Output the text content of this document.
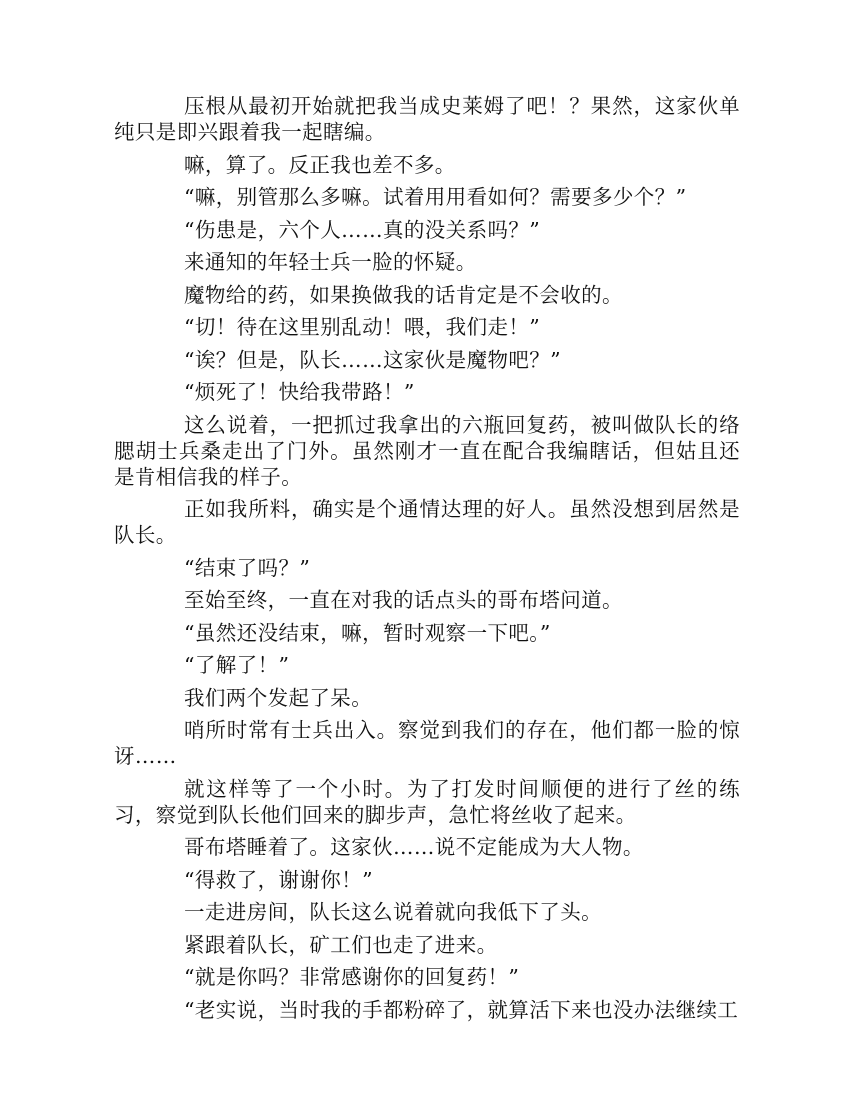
压根从最初开始就把我当成史莱姆了吧！？果然，这家伙单纯只是即兴跟着我一起瞎编。

嘛，算了。反正我也差不多。

“嘛，别管那么多嘛。试着用用看如何？需要多少个？”

“伤患是，六个人……真的没关系吗？”

来通知的年轻士兵一脸的怀疑。

魔物给的药，如果换做我的话肯定是不会收的。

“切！待在这里别乱动！喂，我们走！”

“诶？但是，队长……这家伙是魔物吧？”

“烦死了！快给我带路！”

这么说着，一把抓过我拿出的六瓶回复药，被叫做队长的络腮胡士兵桑走出了门外。虽然刚才一直在配合我编瞎话，但姑且还是肯相信我的样子。

正如我所料，确实是个通情达理的好人。虽然没想到居然是队长。

“结束了吗？”

至始至终，一直在对我的话点头的哥布塔问道。

“虽然还没结束，嘛，暂时观察一下吧。”

“了解了！”

我们两个发起了呆。

哨所时常有士兵出入。察觉到我们的存在，他们都一脸的惊讶……

就这样等了一个小时。为了打发时间顺便的进行了丝的练习，察觉到队长他们回来的脚步声，急忙将丝收了起来。

哥布塔睡着了。这家伙……说不定能成为大人物。

“得救了，谢谢你！”

一走进房间，队长这么说着就向我低下了头。

紧跟着队长，矿工们也走了进来。

“就是你吗？非常感谢你的回复药！”

“老实说，当时我的手都粉碎了，就算活下来也没办法继续工
